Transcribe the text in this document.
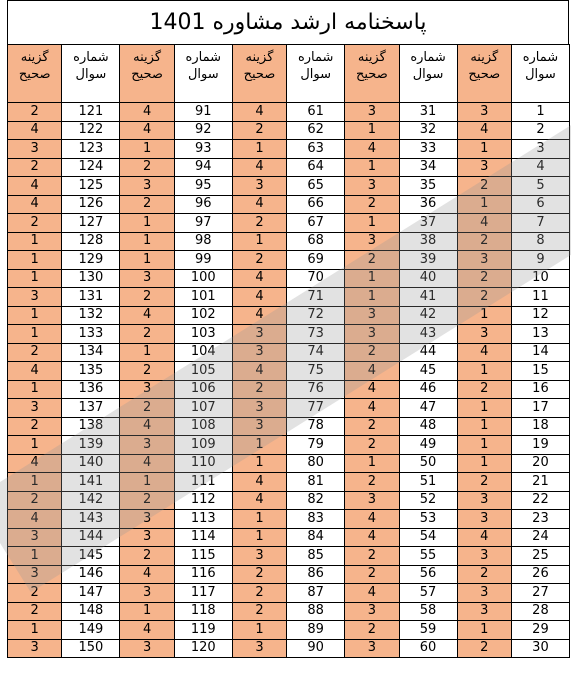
پاسخنامه ارشد مشاوره 1401
شماره سوال	گزینه صحیح	شماره سوال	گزینه صحیح	شماره سوال	گزینه صحیح	شماره سوال	گزینه صحیح	شماره سوال	گزینه صحیح
1	3	31	3	61	4	91	4	121	2
2	4	32	1	62	2	92	4	122	4
3	1	33	4	63	1	93	1	123	3
4	3	34	1	64	4	94	2	124	2
5	2	35	3	65	3	95	3	125	4
6	1	36	2	66	4	96	2	126	4
7	4	37	1	67	2	97	1	127	2
8	2	38	3	68	1	98	1	128	1
9	3	39	2	69	2	99	1	129	1
10	2	40	1	70	4	100	3	130	1
11	2	41	1	71	4	101	2	131	3
12	1	42	3	72	4	102	4	132	1
13	3	43	3	73	3	103	2	133	1
14	4	44	2	74	3	104	1	134	2
15	1	45	4	75	4	105	2	135	4
16	2	46	4	76	2	106	3	136	1
17	1	47	4	77	3	107	2	137	3
18	1	48	2	78	3	108	4	138	2
19	1	49	2	79	1	109	3	139	1
20	1	50	1	80	1	110	4	140	4
21	2	51	2	81	4	111	1	141	1
22	3	52	3	82	4	112	2	142	2
23	3	53	4	83	1	113	3	143	4
24	4	54	4	84	1	114	3	144	3
25	3	55	2	85	3	115	2	145	1
26	2	56	2	86	2	116	4	146	3
27	3	57	4	87	2	117	3	147	2
28	3	58	3	88	2	118	1	148	2
29	1	59	2	89	1	119	4	149	1
30	2	60	3	90	3	120	3	150	3
